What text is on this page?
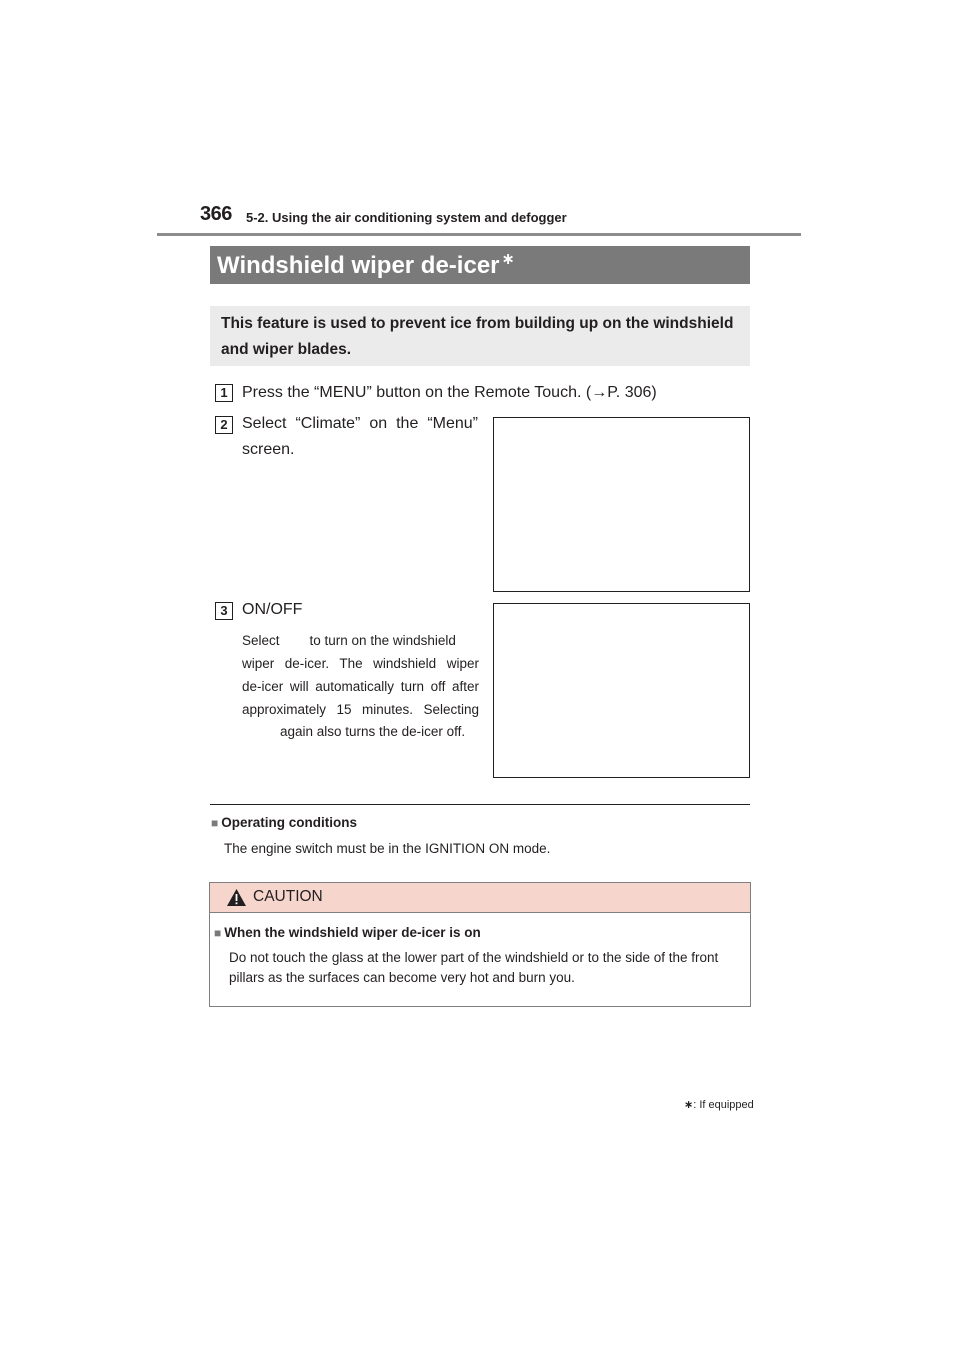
366 5-2. Using the air conditioning system and defogger
Windshield wiper de-icer ∗
This feature is used to prevent ice from building up on the windshield and wiper blades.
1 Press the “MENU” button on the Remote Touch. (→P. 306)
2 Select “Climate” on the “Menu” screen.
3 ON/OFF
Select        to turn on the windshield
wiper de-icer. The windshield wiper
de-icer will automatically turn off after
approximately 15 minutes. Selecting
again also turns the de-icer off.
■ Operating conditions
The engine switch must be in the IGNITION ON mode.
CAUTION
■ When the windshield wiper de-icer is on
Do not touch the glass at the lower part of the windshield or to the side of the front
pillars as the surfaces can become very hot and burn you.
∗: If equipped
